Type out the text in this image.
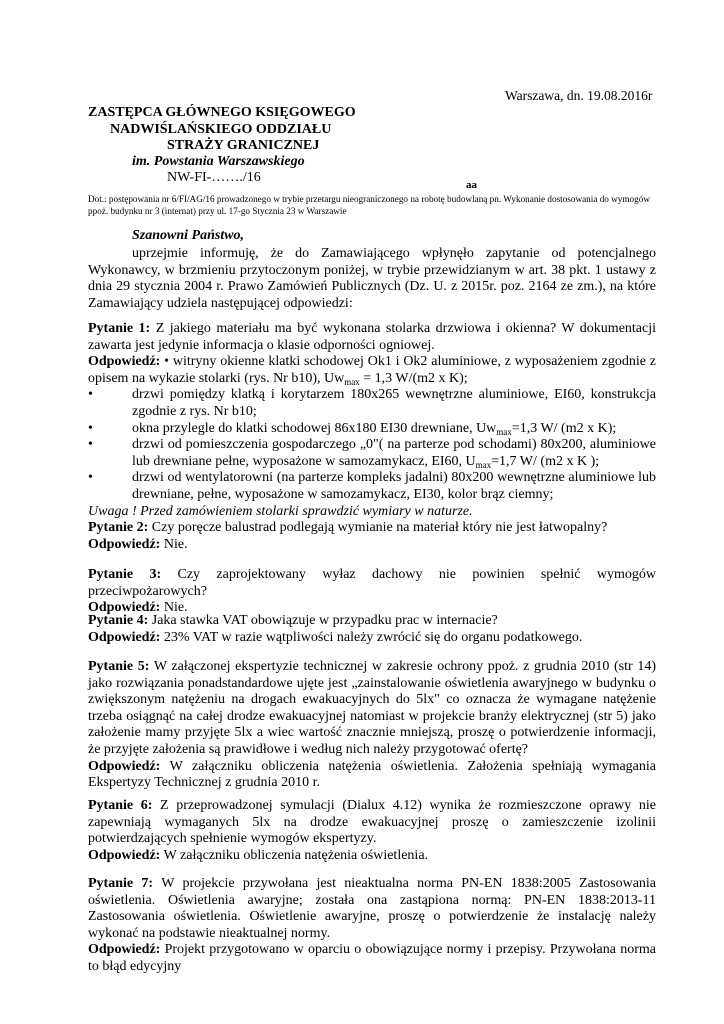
Warszawa, dn. 19.08.2016r
ZASTĘPCA GŁÓWNEGO KSIĘGOWEGO
NADWIŚLAŃSKIEGO ODDZIAŁU
STRAŻY GRANICZNEJ
im. Powstania Warszawskiego
NW-FI-……./16	aa
Dot.: postępowania nr 6/FI/AG/16 prowadzonego w trybie przetargu nieograniczonego na robotę budowlaną pn. Wykonanie dostosowania do wymogów ppoż. budynku nr 3 (internat) przy ul. 17-go Stycznia 23 w Warszawie
Szanowni Państwo,

uprzejmie informuję, że do Zamawiającego wpłynęło zapytanie od potencjalnego Wykonawcy, w brzmieniu przytoczonym poniżej, w trybie przewidzianym w art. 38 pkt. 1 ustawy z dnia 29 stycznia 2004 r. Prawo Zamówień Publicznych (Dz. U. z 2015r. poz. 2164 ze zm.), na które Zamawiający udziela następującej odpowiedzi:

Pytanie 1: Z jakiego materiału ma być wykonana stolarka drzwiowa i okienna? W dokumentacji zawarta jest jedynie informacja o klasie odporności ogniowej.

Odpowiedź: • witryny okienne klatki schodowej Ok1 i Ok2 aluminiowe, z wyposażeniem zgodnie z opisem na wykazie stolarki (rys. Nr b10), $Uw_{max} = 1,3$ W/(m2 x K);

•	drzwi pomiędzy klatką i korytarzem 180x265 wewnętrzne aluminiowe, EI60, konstrukcja zgodnie z rys. Nr b10;

•	okna przylegle do klatki schodowej 86x180 EI30 drewniane, $Uw_{max}=1,3$ W/ (m2 x K);

•	drzwi od pomieszczenia gospodarczego „0"( na parterze pod schodami) 80x200, aluminiowe lub drewniane pełne, wyposażone w samozamykacz, EI60, $U_{max}=1,7$ W/ (m2 x K );

•	drzwi od wentylatorowni (na parterze kompleks jadalni) 80x200 wewnętrzne aluminiowe lub drewniane, pełne, wyposażone w samozamykacz, EI30, kolor brąz ciemny;

Uwaga ! Przed zamówieniem stolarki sprawdzić wymiary w naturze.

Pytanie 2: Czy poręcze balustrad podlegają wymianie na materiał który nie jest łatwopalny?

Odpowiedź: Nie.

Pytanie 3: Czy zaprojektowany wyłaz dachowy nie powinien spełnić wymogów przeciwpożarowych?

Odpowiedź: Nie.

Pytanie 4: Jaka stawka VAT obowiązuje w przypadku prac w internacie?

Odpowiedź: 23% VAT w razie wątpliwości należy zwrócić się do organu podatkowego.

Pytanie 5: W załączonej ekspertyzie technicznej w zakresie ochrony ppoż. z grudnia 2010 (str 14) jako rozwiązania ponadstandardowe ujęte jest „zainstalowanie oświetlenia awaryjnego w budynku o zwiększonym natężeniu na drogach ewakuacyjnych do 5lx" co oznacza że wymagane natężenie trzeba osiągnąć na całej drodze ewakuacyjnej natomiast w projekcie branży elektrycznej (str 5) jako założenie mamy przyjęte 5lx a wiec wartość znacznie mniejszą, proszę o potwierdzenie informacji, że przyjęte założenia są prawidłowe i według nich należy przygotować ofertę?

Odpowiedź: W załączniku obliczenia natężenia oświetlenia. Założenia spełniają wymagania Ekspertyzy Technicznej z grudnia 2010 r.

Pytanie 6: Z przeprowadzonej symulacji (Dialux 4.12) wynika że rozmieszczone oprawy nie zapewniają wymaganych 5lx na drodze ewakuacyjnej proszę o zamieszczenie izolinii potwierdzających spełnienie wymogów ekspertyzy.

Odpowiedź: W załączniku obliczenia natężenia oświetlenia.

Pytanie 7: W projekcie przywołana jest nieaktualna norma PN-EN 1838:2005 Zastosowania oświetlenia. Oświetlenia awaryjne; została ona zastąpiona normą: PN-EN 1838:2013-11 Zastosowania oświetlenia. Oświetlenie awaryjne, proszę o potwierdzenie że instalację należy wykonać na podstawie nieaktualnej normy.

Odpowiedź: Projekt przygotowano w oparciu o obowiązujące normy i przepisy. Przywołana norma to błąd edycyjny
